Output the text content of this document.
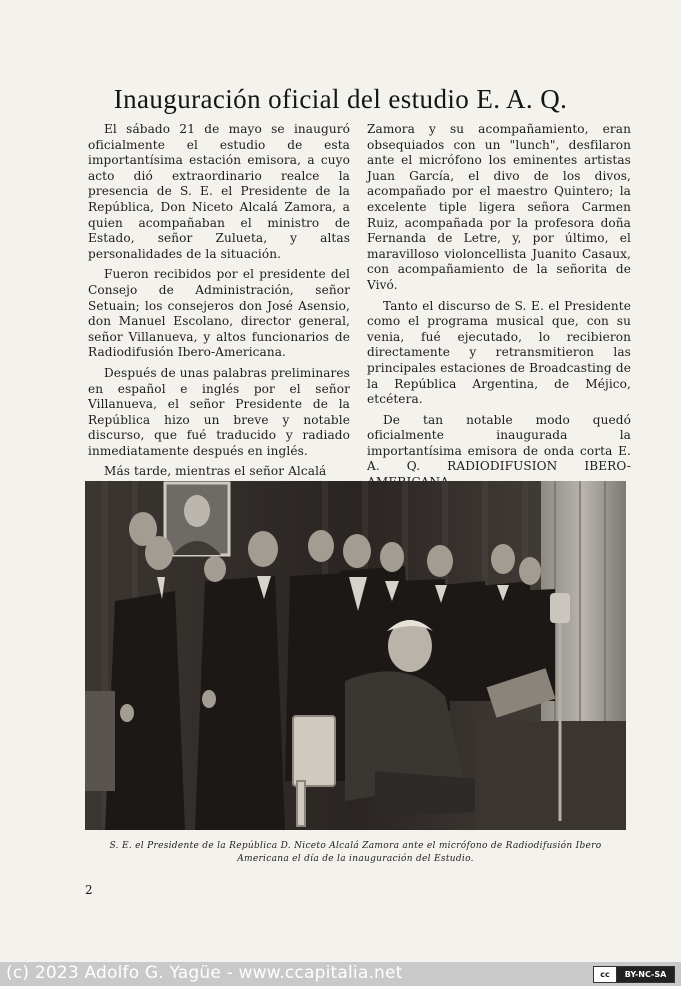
Inauguración oficial del estudio E. A. Q.

El sábado 21 de mayo se inauguró oficialmente el estudio de esta importantísima estación emisora, a cuyo acto dió extraordinario realce la presencia de S. E. el Presidente de la República, Don Niceto Alcalá Zamora, a quien acompañaban el ministro de Estado, señor Zulueta, y altas personalidades de la situación.

Fueron recibidos por el presidente del Consejo de Administración, señor Setuain; los consejeros don José Asensio, don Manuel Escolano, director general, señor Villanueva, y altos funcionarios de Radiodifusión Ibero-Americana.

Después de unas palabras preliminares en español e inglés por el señor Villanueva, el señor Presidente de la República hizo un breve y notable discurso, que fué traducido y radiado inmediatamente después en inglés.

Más tarde, mientras el señor Alcalá

Zamora y su acompañamiento, eran obsequiados con un "lunch", desfilaron ante el micrófono los eminentes artistas Juan García, el divo de los divos, acompañado por el maestro Quintero; la excelente tiple ligera señora Carmen Ruiz, acompañada por la profesora doña Fernanda de Letre, y, por último, el maravilloso violoncellista Juanito Casaux, con acompañamiento de la señorita de Vivó.

Tanto el discurso de S. E. el Presidente como el programa musical que, con su venia, fué ejecutado, lo recibieron directamente y retransmitieron las principales estaciones de Broadcasting de la República Argentina, de Méjico, etcétera.

De tan notable modo quedó oficialmente inaugurada la importantísima emisora de onda corta E. A. Q. RADIODIFUSION IBERO-

S. E. el Presidente de la República D. Niceto Alcalá Zamora ante el micrófono de Radiodifusión Ibero Americana el día de la inauguración del Estudio.

2
(c) 2023 Adolfo G. Yagüe - www.ccapitalia.net	cc	BY-NC-SA
